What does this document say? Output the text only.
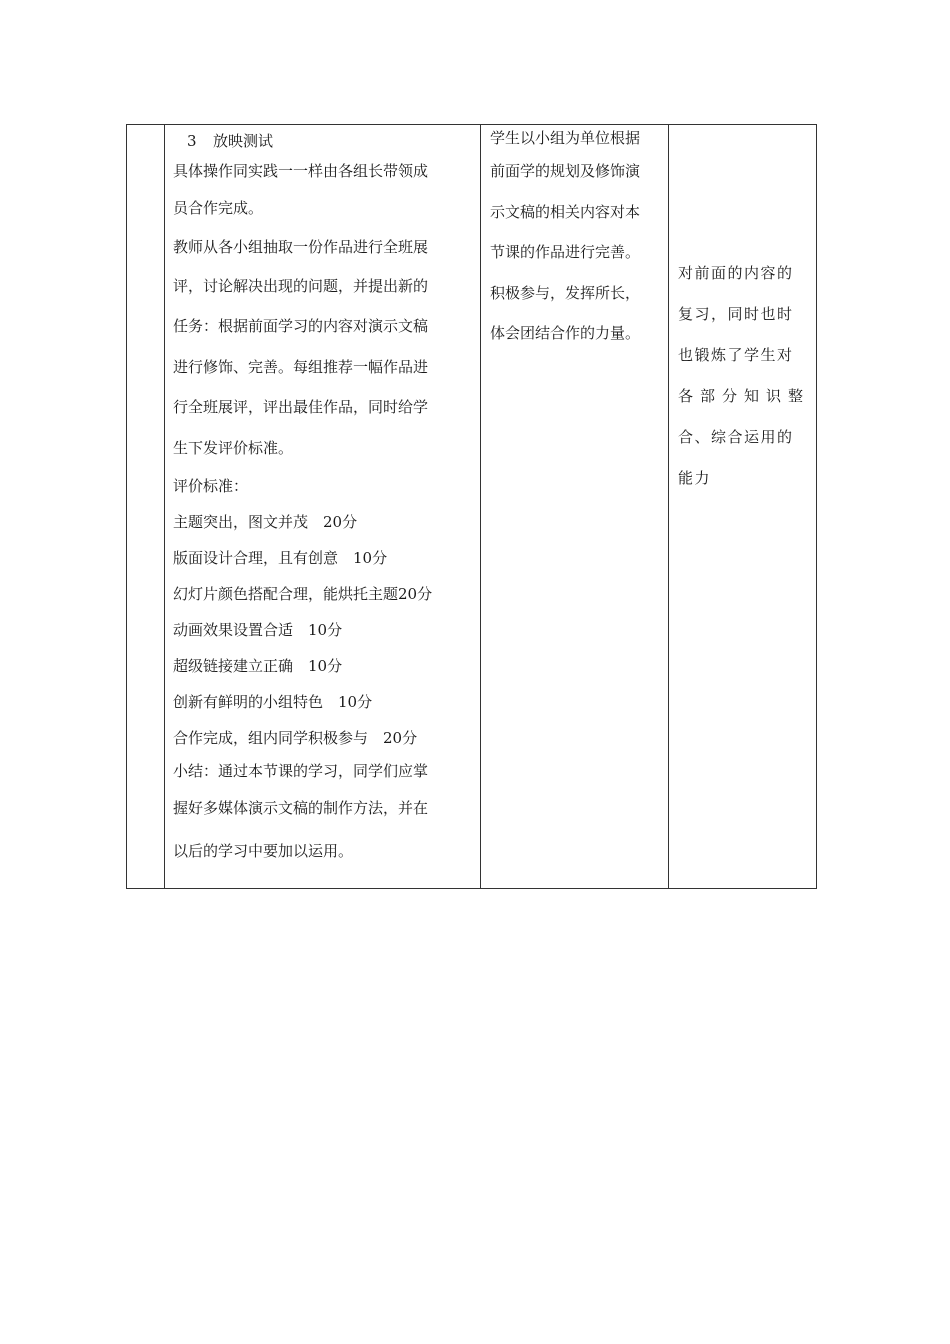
3 放映测试
具体操作同实践一一样由各组长带领成
员合作完成。
教师从各小组抽取一份作品进行全班展
评，讨论解决出现的问题，并提出新的
任务：根据前面学习的内容对演示文稿
进行修饰、完善。每组推荐一幅作品进
行全班展评，评出最佳作品，同时给学
生下发评价标准。
评价标准：
主题突出，图文并茂　20分
版面设计合理，且有创意　10分
幻灯片颜色搭配合理，能烘托主题20分
动画效果设置合适　10分
超级链接建立正确　10分
创新有鲜明的小组特色　10分
合作完成，组内同学积极参与　20分
小结：通过本节课的学习，同学们应掌
握好多媒体演示文稿的制作方法，并在
以后的学习中要加以运用。

学生以小组为单位根据
前面学的规划及修饰演
示文稿的相关内容对本
节课的作品进行完善。
积极参与，发挥所长，
体会团结合作的力量。

对前面的内容的
复习，同时也时
也锻炼了学生对
各部分知识整
合、综合运用的
能力
